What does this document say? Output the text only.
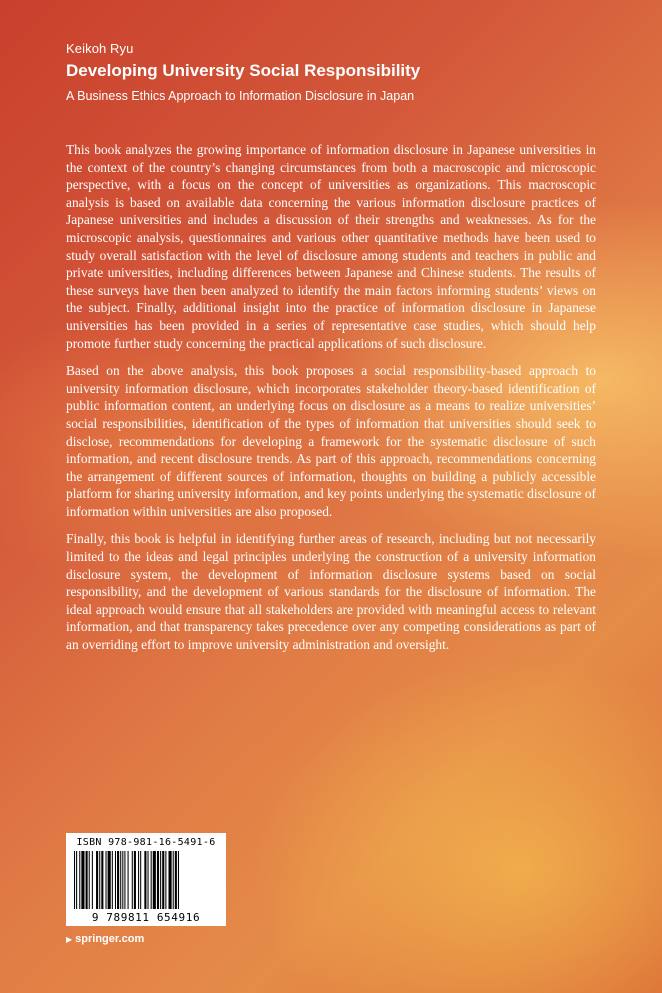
Keikoh Ryu
Developing University Social Responsibility
A Business Ethics Approach to Information Disclosure in Japan

This book analyzes the growing importance of information disclosure in Japanese universities in the context of the country’s changing circumstances from both a macroscopic and microscopic perspective, with a focus on the concept of universities as organizations. This macroscopic analysis is based on available data concerning the various information disclosure practices of Japanese universities and includes a discussion of their strengths and weaknesses. As for the microscopic analysis, questionnaires and various other quantitative methods have been used to study overall satisfaction with the level of disclosure among students and teachers in public and private universities, including differences between Japanese and Chinese students. The results of these surveys have then been analyzed to identify the main factors informing students’ views on the subject. Finally, additional insight into the practice of information disclosure in Japanese universities has been provided in a series of representative case studies, which should help promote further study concerning the practical applications of such disclosure.

Based on the above analysis, this book proposes a social responsibility-based approach to university information disclosure, which incorporates stakeholder theory-based identification of public information content, an underlying focus on disclosure as a means to realize universities’ social responsibilities, identification of the types of information that universities should seek to disclose, recommendations for developing a framework for the systematic disclosure of such information, and recent disclosure trends. As part of this approach, recommendations concerning the arrangement of different sources of information, thoughts on building a publicly accessible platform for sharing university information, and key points underlying the systematic disclosure of information within universities are also proposed.

Finally, this book is helpful in identifying further areas of research, including but not necessarily limited to the ideas and legal principles underlying the construction of a university information disclosure system, the development of information disclosure systems based on social responsibility, and the development of various standards for the disclosure of information. The ideal approach would ensure that all stakeholders are provided with meaningful access to relevant information, and that transparency takes precedence over any competing considerations as part of an overriding effort to improve university administration and oversight.

ISBN 978-981-16-5491-6
9 789811 654916
▶ springer.com
